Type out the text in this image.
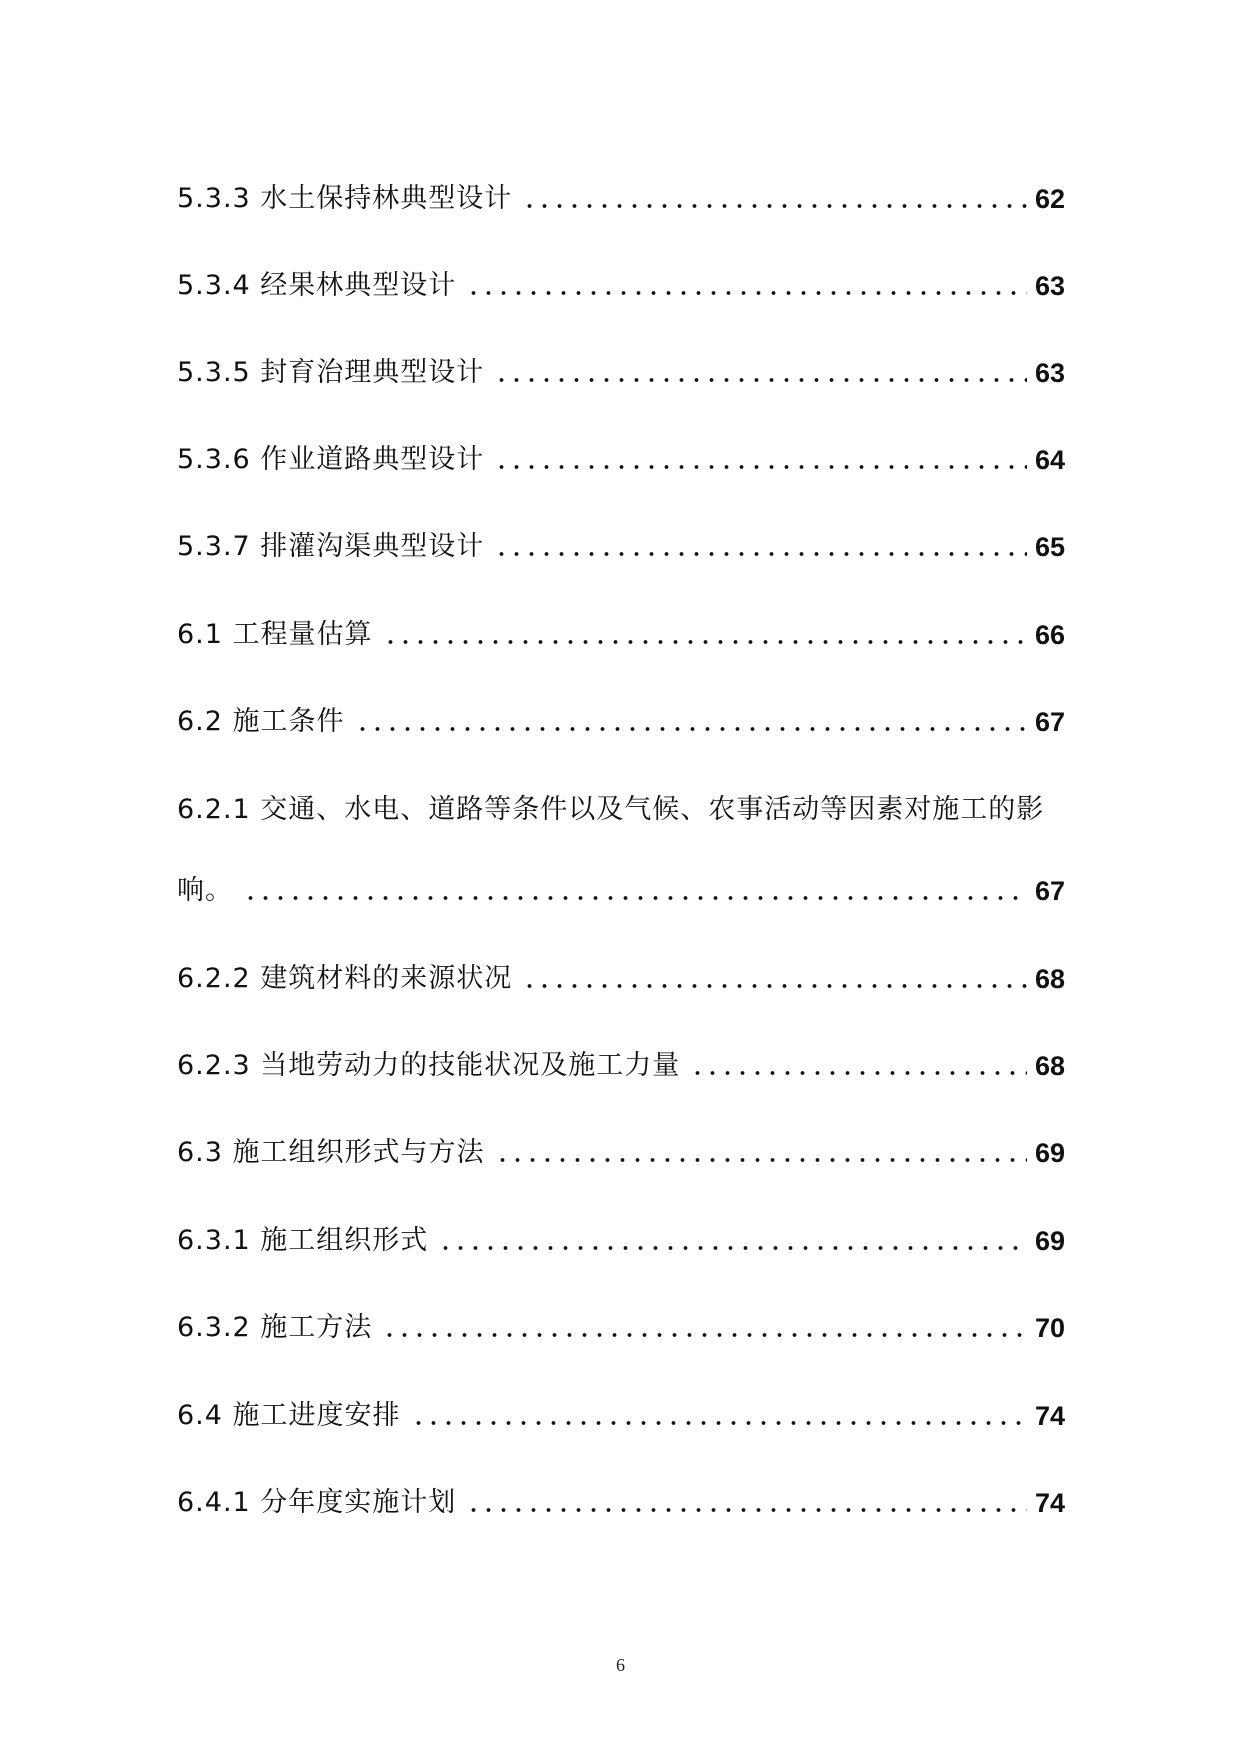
5.3.3 水土保持林典型设计	62
5.3.4 经果林典型设计	63
5.3.5 封育治理典型设计	63
5.3.6 作业道路典型设计	64
5.3.7 排灌沟渠典型设计	65
6.1 工程量估算	66
6.2 施工条件	67
6.2.1 交通、水电、道路等条件以及气候、农事活动等因素对施工的影
响。	67
6.2.2 建筑材料的来源状况	68
6.2.3 当地劳动力的技能状况及施工力量	68
6.3 施工组织形式与方法	69
6.3.1 施工组织形式	69
6.3.2 施工方法	70
6.4 施工进度安排	74
6.4.1 分年度实施计划	74
6
